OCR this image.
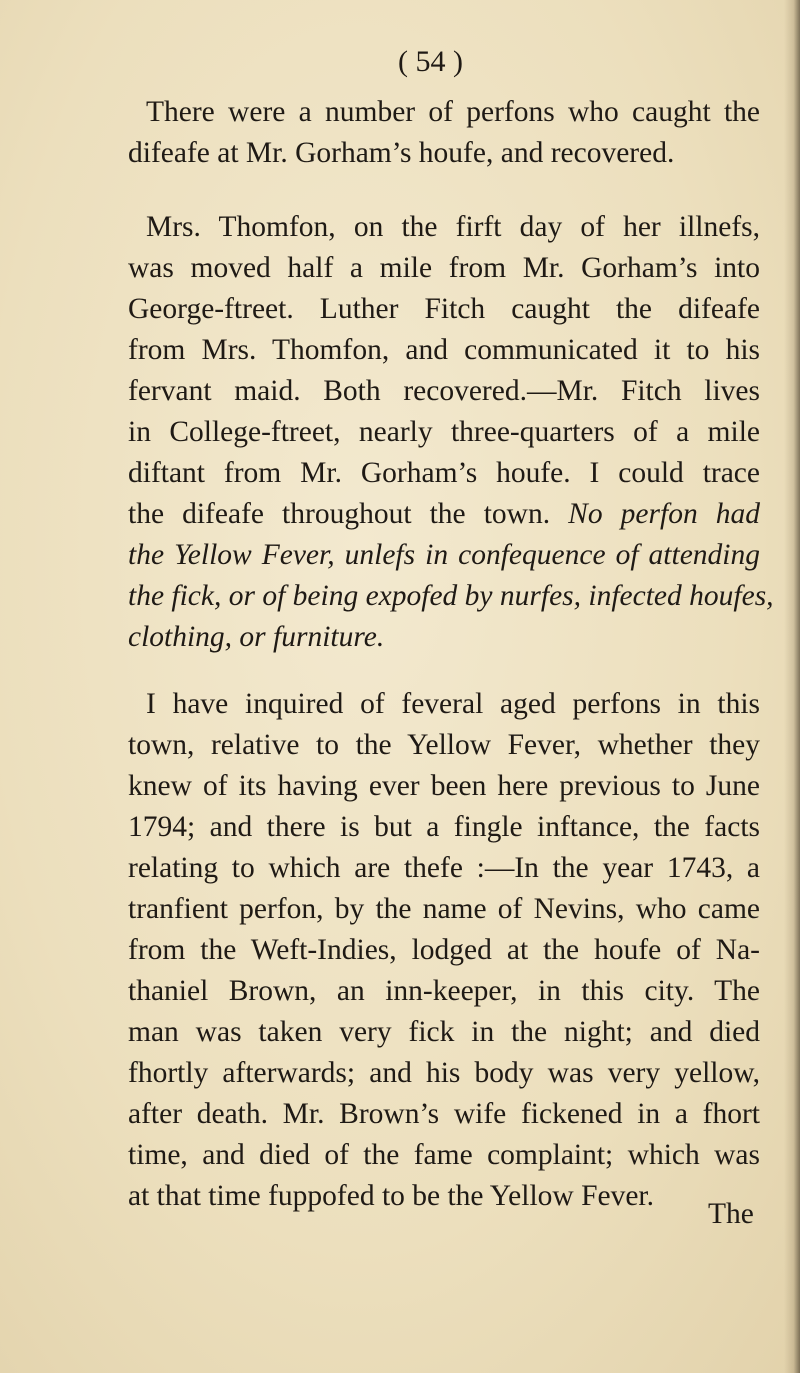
( 54 )
There were a number of perfons who caught the
difeafe at Mr. Gorham’s houfe, and recovered.
Mrs. Thomfon, on the firft day of her illnefs,
was moved half a mile from Mr. Gorham’s into
George-ftreet. Luther Fitch caught the difeafe
from Mrs. Thomfon, and communicated it to his
fervant maid. Both recovered.—Mr. Fitch lives
in College-ftreet, nearly three-quarters of a mile
diftant from Mr. Gorham’s houfe. I could trace
the difeafe throughout the town. No perfon had
the Yellow Fever, unlefs in confequence of attending
the fick, or of being expofed by nurfes, infected houfes,
clothing, or furniture.
I have inquired of feveral aged perfons in this
town, relative to the Yellow Fever, whether they
knew of its having ever been here previous to June
1794; and there is but a fingle inftance, the facts
relating to which are thefe :—In the year 1743, a
tranfient perfon, by the name of Nevins, who came
from the Weft-Indies, lodged at the houfe of Na-
thaniel Brown, an inn-keeper, in this city. The
man was taken very fick in the night; and died
fhortly afterwards; and his body was very yellow,
after death. Mr. Brown’s wife fickened in a fhort
time, and died of the fame complaint; which was
at that time fuppofed to be the Yellow Fever.
The
